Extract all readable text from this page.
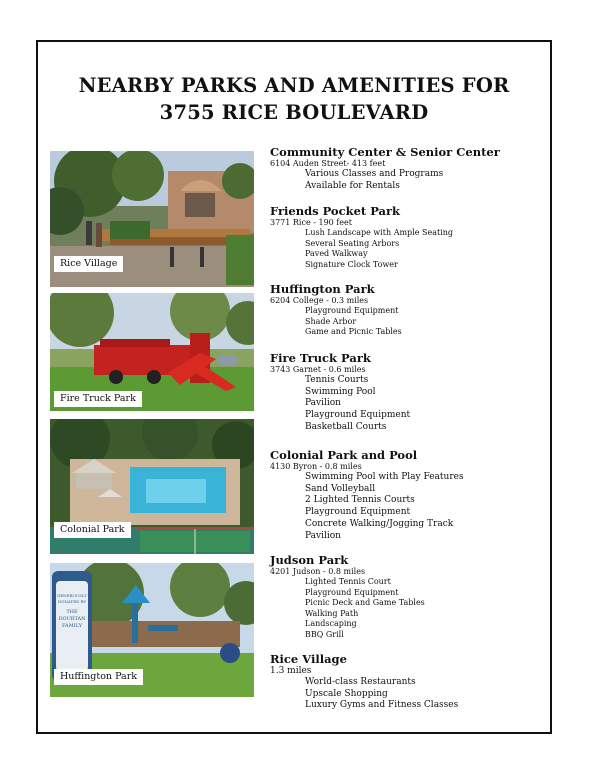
NEARBY PARKS AND AMENITIES FOR
3755 RICE BOULEVARD
Rice Village
Fire Truck Park
Colonial Park
GENEROUSLY
DONATED BY
THE
DOURTAN
FAMILY
Huffington Park
Community Center & Senior Center
6104 Auden Street- 413 feet
Various Classes and Programs
Available for Rentals
Friends Pocket Park
3771 Rice - 190 feet
Lush Landscape with Ample Seating
Several Seating Arbors
Paved Walkway
Signature Clock Tower
Huffington Park
6204 College - 0.3 miles
Playground Equipment
Shade Arbor
Game and Picnic Tables
Fire Truck Park
3743 Garnet - 0.6 miles
Tennis Courts
Swimming Pool
Pavilion
Playground Equipment
Basketball Courts
Colonial Park and Pool
4130 Byron - 0.8 miles
Swimming Pool with Play Features
Sand Volleyball
2 Lighted Tennis Courts
Playground Equipment
Concrete Walking/Jogging Track
Pavilion
Judson Park
4201 Judson - 0.8 miles
Lighted Tennis Court
Playground Equipment
Picnic Deck and Game Tables
Walking Path
Landscaping
BBQ Grill
Rice Village
1.3 miles
World-class Restaurants
Upscale Shopping
Luxury Gyms and Fitness Classes
